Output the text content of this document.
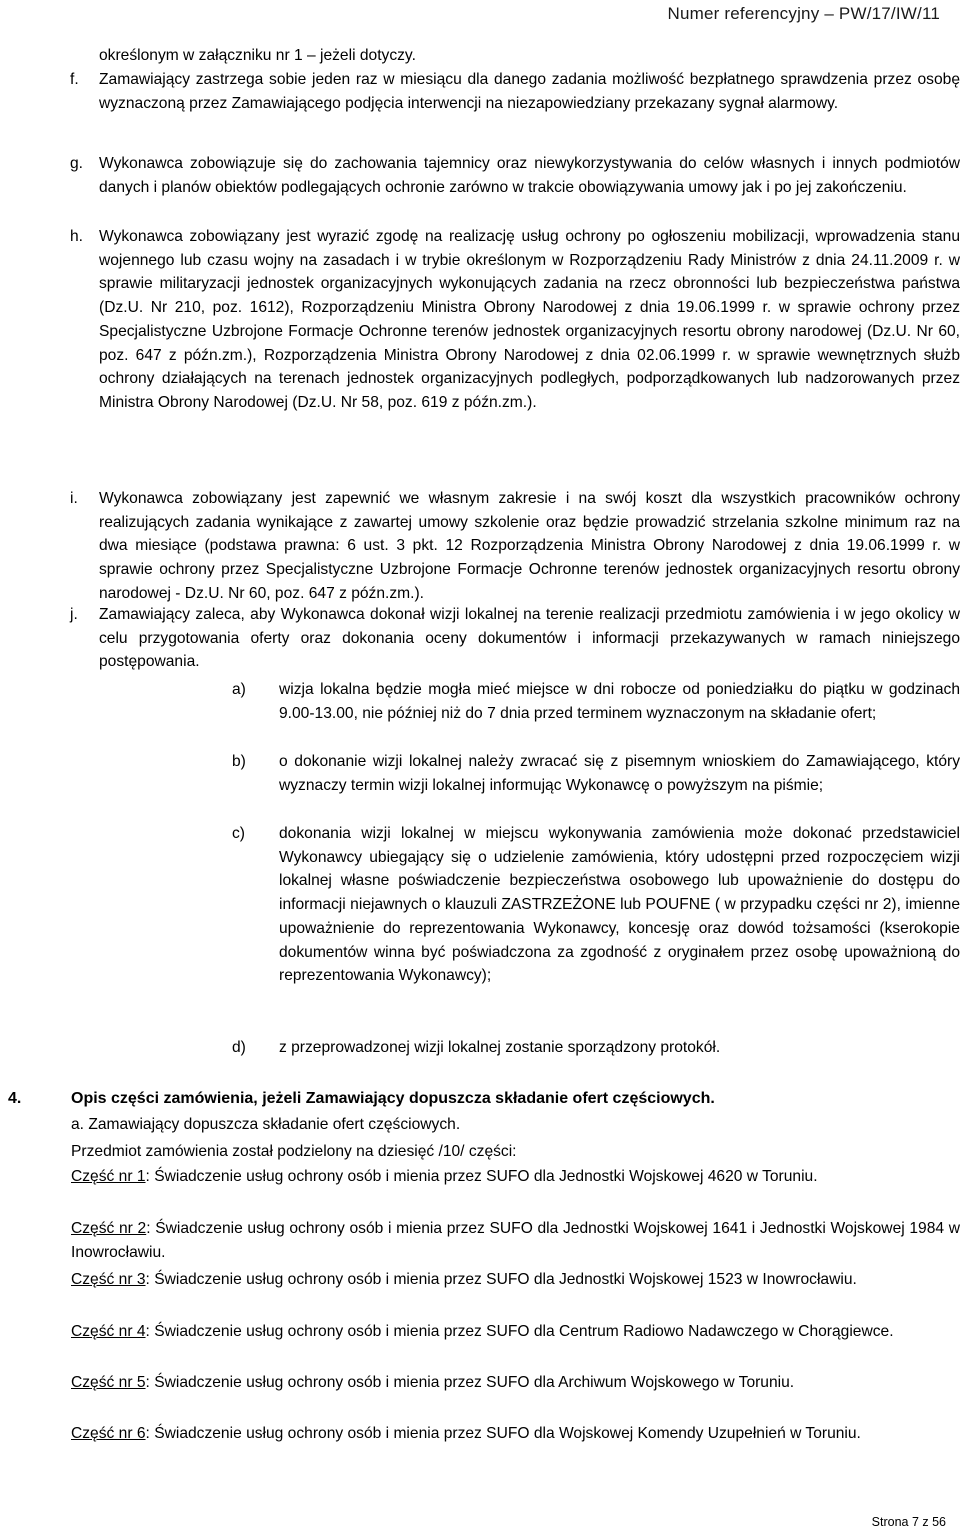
Numer referencyjny – PW/17/IW/11
określonym w załączniku nr 1 – jeżeli dotyczy.
f. Zamawiający zastrzega sobie jeden raz w miesiącu dla danego zadania możliwość bezpłatnego sprawdzenia przez osobę wyznaczoną przez Zamawiającego podjęcia interwencji na niezapowiedziany przekazany sygnał alarmowy.
g. Wykonawca zobowiązuje się do zachowania tajemnicy oraz niewykorzystywania do celów własnych i innych podmiotów danych i planów obiektów podlegających ochronie zarówno w trakcie obowiązywania umowy jak i po jej zakończeniu.
h. Wykonawca zobowiązany jest wyrazić zgodę na realizację usług ochrony po ogłoszeniu mobilizacji, wprowadzenia stanu wojennego lub czasu wojny na zasadach i w trybie określonym w Rozporządzeniu Rady Ministrów z dnia 24.11.2009 r. w sprawie militaryzacji jednostek organizacyjnych wykonujących zadania na rzecz obronności lub bezpieczeństwa państwa (Dz.U. Nr 210, poz. 1612), Rozporządzeniu Ministra Obrony Narodowej z dnia 19.06.1999 r. w sprawie ochrony przez Specjalistyczne Uzbrojone Formacje Ochronne terenów jednostek organizacyjnych resortu obrony narodowej (Dz.U. Nr 60, poz. 647 z późn.zm.), Rozporządzenia Ministra Obrony Narodowej z dnia 02.06.1999 r. w sprawie wewnętrznych służb ochrony działających na terenach jednostek organizacyjnych podległych, podporządkowanych lub nadzorowanych przez Ministra Obrony Narodowej (Dz.U. Nr 58, poz. 619 z późn.zm.).
i. Wykonawca zobowiązany jest zapewnić we własnym zakresie i na swój koszt dla wszystkich pracowników ochrony realizujących zadania wynikające z zawartej umowy szkolenie oraz będzie prowadzić strzelania szkolne minimum raz na dwa miesiące (podstawa prawna: 6 ust. 3 pkt. 12 Rozporządzenia Ministra Obrony Narodowej z dnia 19.06.1999 r. w sprawie ochrony przez Specjalistyczne Uzbrojone Formacje Ochronne terenów jednostek organizacyjnych resortu obrony narodowej - Dz.U. Nr 60, poz. 647 z późn.zm.).
j. Zamawiający zaleca, aby Wykonawca dokonał wizji lokalnej na terenie realizacji przedmiotu zamówienia i w jego okolicy w celu przygotowania oferty oraz dokonania oceny dokumentów i informacji przekazywanych w ramach niniejszego postępowania.
a) wizja lokalna będzie mogła mieć miejsce w dni robocze od poniedziałku do piątku w godzinach 9.00-13.00, nie później niż do 7 dnia przed terminem wyznaczonym na składanie ofert;
b) o dokonanie wizji lokalnej należy zwracać się z pisemnym wnioskiem do Zamawiającego, który wyznaczy termin wizji lokalnej informując Wykonawcę o powyższym na piśmie;
c) dokonania wizji lokalnej w miejscu wykonywania zamówienia może dokonać przedstawiciel Wykonawcy ubiegający się o udzielenie zamówienia, który udostępni przed rozpoczęciem wizji lokalnej własne poświadczenie bezpieczeństwa osobowego lub upoważnienie do dostępu do informacji niejawnych o klauzuli ZASTRZEŻONE lub POUFNE ( w przypadku części nr 2), imienne upoważnienie do reprezentowania Wykonawcy, koncesję oraz dowód tożsamości (kserokopie dokumentów winna być poświadczona za zgodność z oryginałem przez osobę upoważnioną do reprezentowania Wykonawcy);
d) z przeprowadzonej wizji lokalnej zostanie sporządzony protokół.
4.	Opis części zamówienia, jeżeli Zamawiający dopuszcza składanie ofert częściowych.
a. Zamawiający dopuszcza składanie ofert częściowych.
Przedmiot zamówienia został podzielony na dziesięć /10/ części:
Część nr 1: Świadczenie usług ochrony osób i mienia przez SUFO dla Jednostki Wojskowej 4620 w Toruniu.
Część nr 2: Świadczenie usług ochrony osób i mienia przez SUFO dla Jednostki Wojskowej 1641 i Jednostki Wojskowej 1984 w Inowrocławiu.
Część nr 3: Świadczenie usług ochrony osób i mienia przez SUFO dla Jednostki Wojskowej 1523 w Inowrocławiu.
Część nr 4: Świadczenie usług ochrony osób i mienia przez SUFO dla Centrum Radiowo Nadawczego w Chorągiewce.
Część nr 5: Świadczenie usług ochrony osób i mienia przez SUFO dla Archiwum Wojskowego w Toruniu.
Część nr 6: Świadczenie usług ochrony osób i mienia przez SUFO dla Wojskowej Komendy Uzupełnień w Toruniu.
Strona 7 z 56
